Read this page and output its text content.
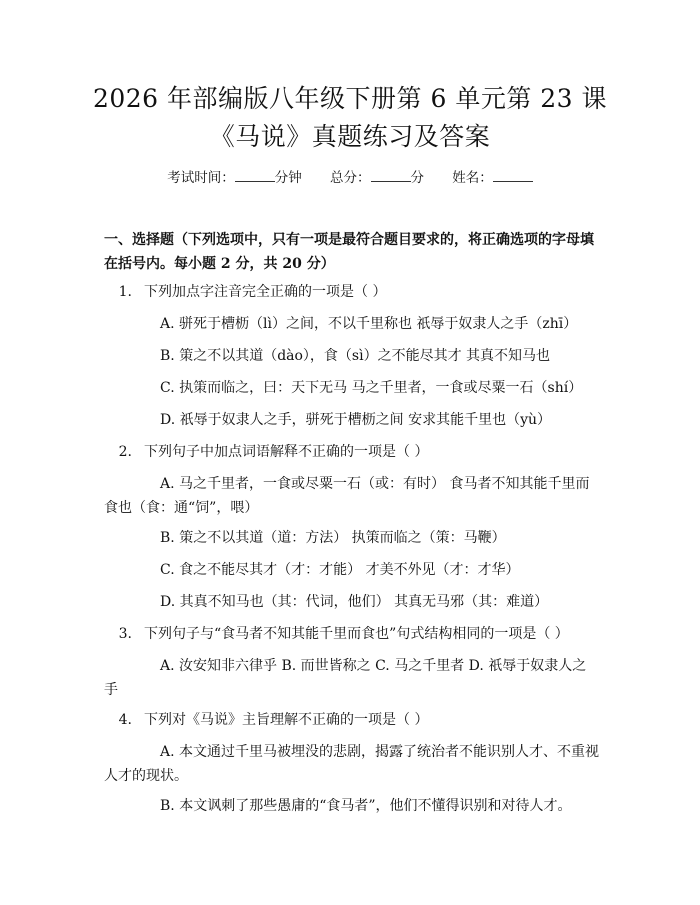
2026 年部编版八年级下册第 6 单元第 23 课
《马说》真题练习及答案
考试时间：	分钟 总分：	分 姓名：
一、选择题（下列选项中，只有一项是最符合题目要求的，将正确选项的字母填
在括号内。每小题 2 分，共 20 分）
1. 下列加点字注音完全正确的一项是（ ）
A. 骈死于槽枥（lì）之间，不以千里称也 祇辱于奴隶人之手（zhī）
B. 策之不以其道（dào），食（sì）之不能尽其才 其真不知马也
C. 执策而临之，曰：天下无马 马之千里者，一食或尽粟一石（shí）
D. 祇辱于奴隶人之手，骈死于槽枥之间 安求其能千里也（yù）
2. 下列句子中加点词语解释不正确的一项是（ ）
A. 马之千里者，一食或尽粟一石（或：有时） 食马者不知其能千里而
食也（食：通“饲”，喂）
B. 策之不以其道（道：方法） 执策而临之（策：马鞭）
C. 食之不能尽其才（才：才能） 才美不外见（才：才华）
D. 其真不知马也（其：代词，他们） 其真无马邪（其：难道）
3. 下列句子与“食马者不知其能千里而食也”句式结构相同的一项是（ ）
A. 汝安知非六律乎 B. 而世皆称之 C. 马之千里者 D. 祇辱于奴隶人之
手
4. 下列对《马说》主旨理解不正确的一项是（ ）
A. 本文通过千里马被埋没的悲剧，揭露了统治者不能识别人才、不重视
人才的现状。
B. 本文讽刺了那些愚庸的“食马者”，他们不懂得识别和对待人才。
